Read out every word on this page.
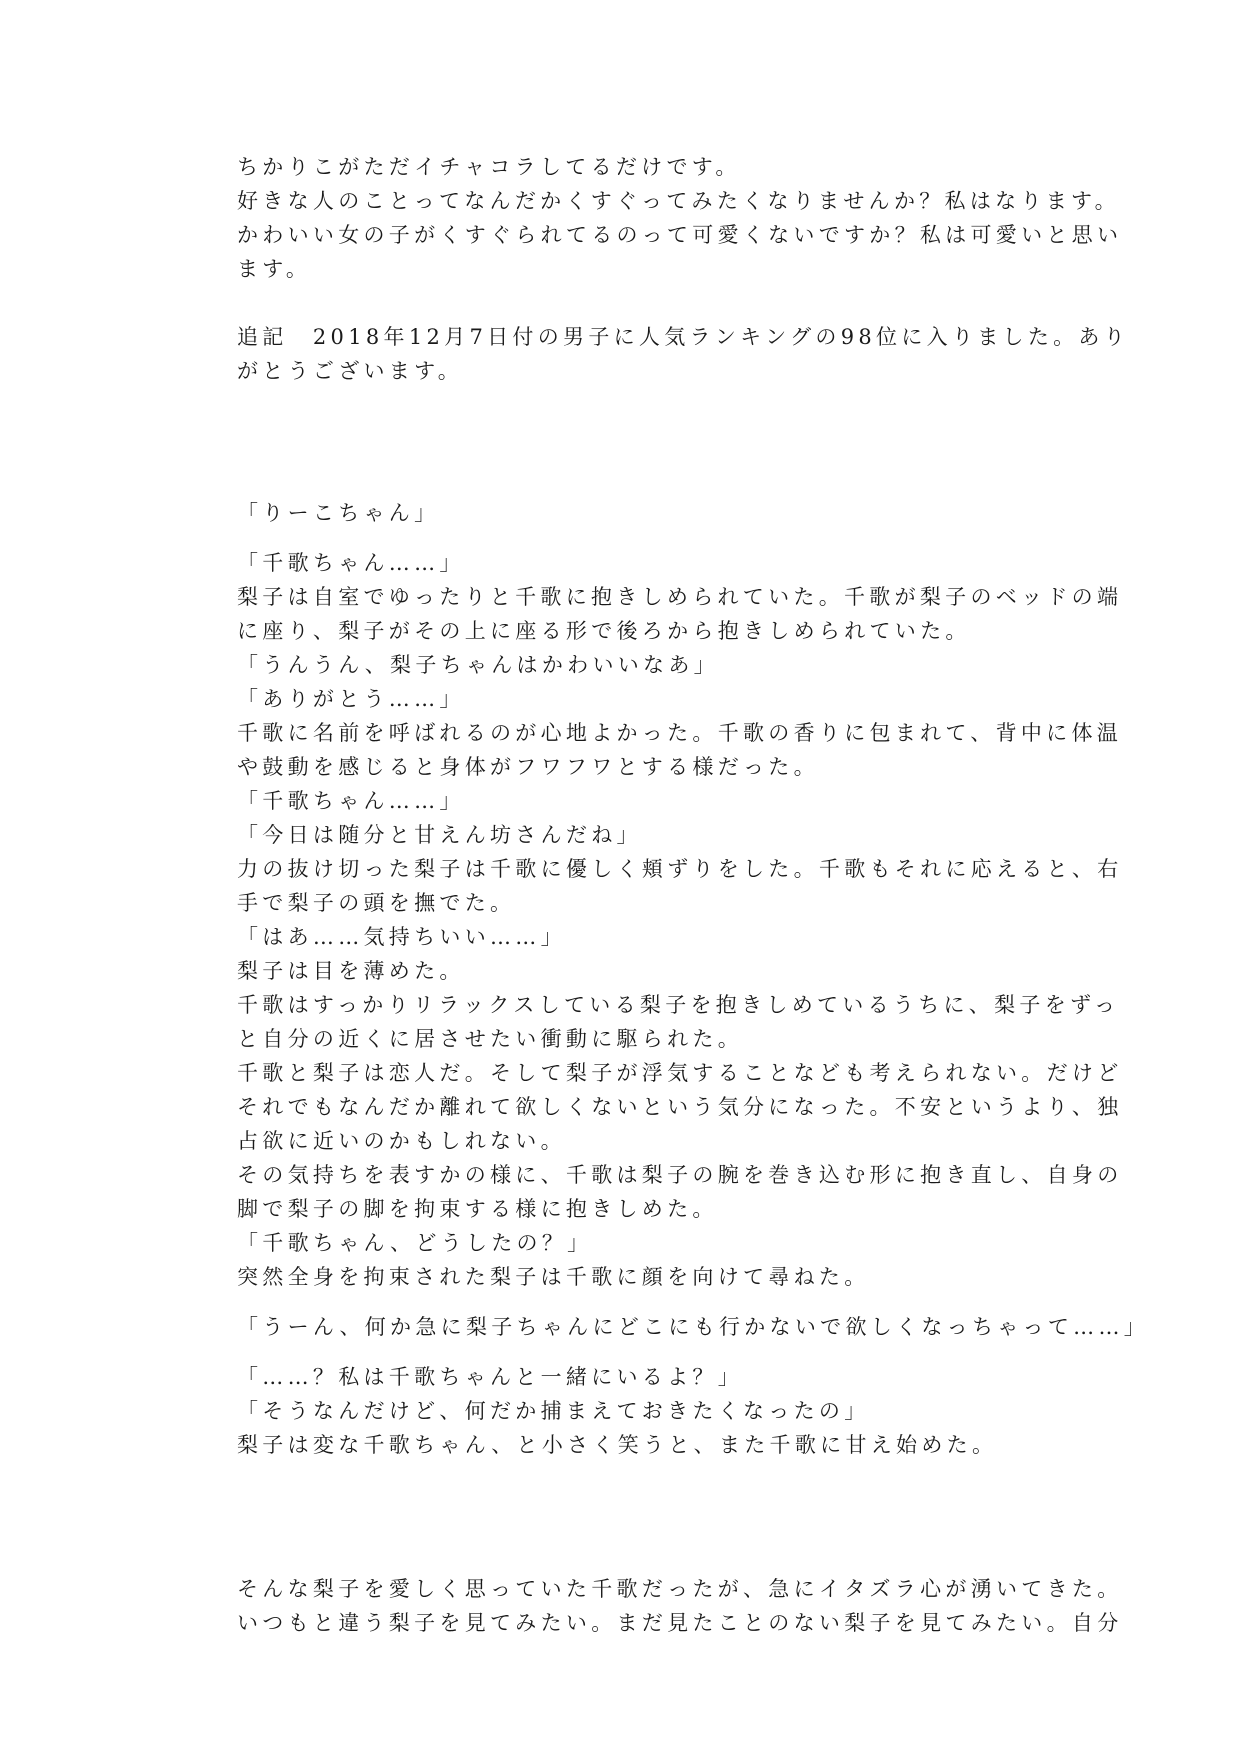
ちかりこがただイチャコラしてるだけです。
好きな人のことってなんだかくすぐってみたくなりませんか？私はなります。
かわいい女の子がくすぐられてるのって可愛くないですか？私は可愛いと思い
ます。
追記　2018年12月7日付の男子に人気ランキングの98位に入りました。あり
がとうございます。
「りーこちゃん」
「千歌ちゃん……」
梨子は自室でゆったりと千歌に抱きしめられていた。千歌が梨子のベッドの端
に座り、梨子がその上に座る形で後ろから抱きしめられていた。
「うんうん、梨子ちゃんはかわいいなあ」
「ありがとう……」
千歌に名前を呼ばれるのが心地よかった。千歌の香りに包まれて、背中に体温
や鼓動を感じると身体がフワフワとする様だった。
「千歌ちゃん……」
「今日は随分と甘えん坊さんだね」
力の抜け切った梨子は千歌に優しく頬ずりをした。千歌もそれに応えると、右
手で梨子の頭を撫でた。
「はあ……気持ちいい……」
梨子は目を薄めた。
千歌はすっかりリラックスしている梨子を抱きしめているうちに、梨子をずっ
と自分の近くに居させたい衝動に駆られた。
千歌と梨子は恋人だ。そして梨子が浮気することなども考えられない。だけど
それでもなんだか離れて欲しくないという気分になった。不安というより、独
占欲に近いのかもしれない。
その気持ちを表すかの様に、千歌は梨子の腕を巻き込む形に抱き直し、自身の
脚で梨子の脚を拘束する様に抱きしめた。
「千歌ちゃん、どうしたの？」
突然全身を拘束された梨子は千歌に顔を向けて尋ねた。
「うーん、何か急に梨子ちゃんにどこにも行かないで欲しくなっちゃって……」
「……？私は千歌ちゃんと一緒にいるよ？」
「そうなんだけど、何だか捕まえておきたくなったの」
梨子は変な千歌ちゃん、と小さく笑うと、また千歌に甘え始めた。
そんな梨子を愛しく思っていた千歌だったが、急にイタズラ心が湧いてきた。
いつもと違う梨子を見てみたい。まだ見たことのない梨子を見てみたい。自分
